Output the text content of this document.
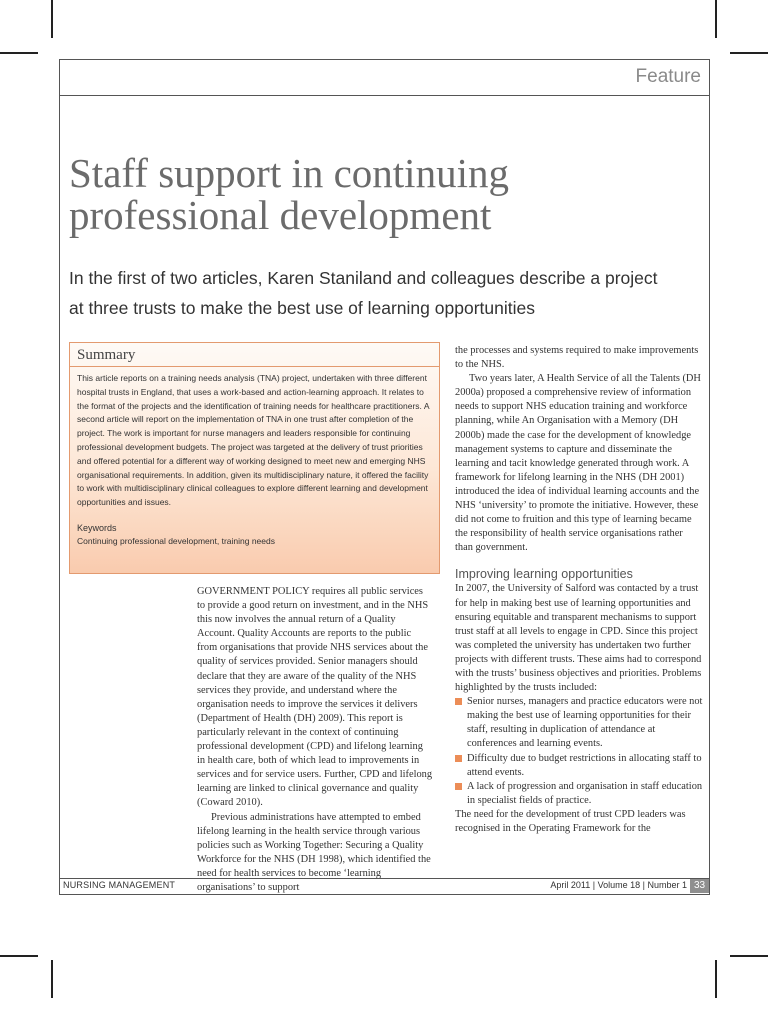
Feature
Staff support in continuing professional development

In the first of two articles, Karen Staniland and colleagues describe a project at three trusts to make the best use of learning opportunities

Summary

This article reports on a training needs analysis (TNA) project, undertaken with three different hospital trusts in England, that uses a work-based and action-learning approach. It relates to the format of the projects and the identification of training needs for healthcare practitioners. A second article will report on the implementation of TNA in one trust after completion of the project. The work is important for nurse managers and leaders responsible for continuing professional development budgets. The project was targeted at the delivery of trust priorities and offered potential for a different way of working designed to meet new and emerging NHS organisational requirements. In addition, given its multidisciplinary nature, it offered the facility to work with multidisciplinary clinical colleagues to explore different learning and development opportunities and issues.

Keywords

Continuing professional development, training needs

GOVERNMENT POLICY requires all public services to provide a good return on investment, and in the NHS this now involves the annual return of a Quality Account. Quality Accounts are reports to the public from organisations that provide NHS services about the quality of services provided. Senior managers should declare that they are aware of the quality of the NHS services they provide, and understand where the organisation needs to improve the services it delivers (Department of Health (DH) 2009). This report is particularly relevant in the context of continuing professional development (CPD) and lifelong learning in health care, both of which lead to improvements in services and for service users. Further, CPD and lifelong learning are linked to clinical governance and quality (Coward 2010).

Previous administrations have attempted to embed lifelong learning in the health service through various policies such as Working Together: Securing a Quality Workforce for the NHS (DH 1998), which identified the need for health services to become ‘learning organisations’ to support

the processes and systems required to make improvements to the NHS.

Two years later, A Health Service of all the Talents (DH 2000a) proposed a comprehensive review of information needs to support NHS education training and workforce planning, while An Organisation with a Memory (DH 2000b) made the case for the development of knowledge management systems to capture and disseminate the learning and tacit knowledge generated through work. A framework for lifelong learning in the NHS (DH 2001) introduced the idea of individual learning accounts and the NHS ‘university’ to promote the initiative. However, these did not come to fruition and this type of learning became the responsibility of health service organisations rather than government.

Improving learning opportunities

In 2007, the University of Salford was contacted by a trust for help in making best use of learning opportunities and ensuring equitable and transparent mechanisms to support trust staff at all levels to engage in CPD. Since this project was completed the university has undertaken two further projects with different trusts. These aims had to correspond with the trusts’ business objectives and priorities. Problems highlighted by the trusts included:

Senior nurses, managers and practice educators were not making the best use of learning opportunities for their staff, resulting in duplication of attendance at conferences and learning events.
Difficulty due to budget restrictions in allocating staff to attend events.
A lack of progression and organisation in staff education in specialist fields of practice.

The need for the development of trust CPD leaders was recognised in the Operating Framework for the

NURSING MANAGEMENT	April 2011 | Volume 18 | Number 1 33
